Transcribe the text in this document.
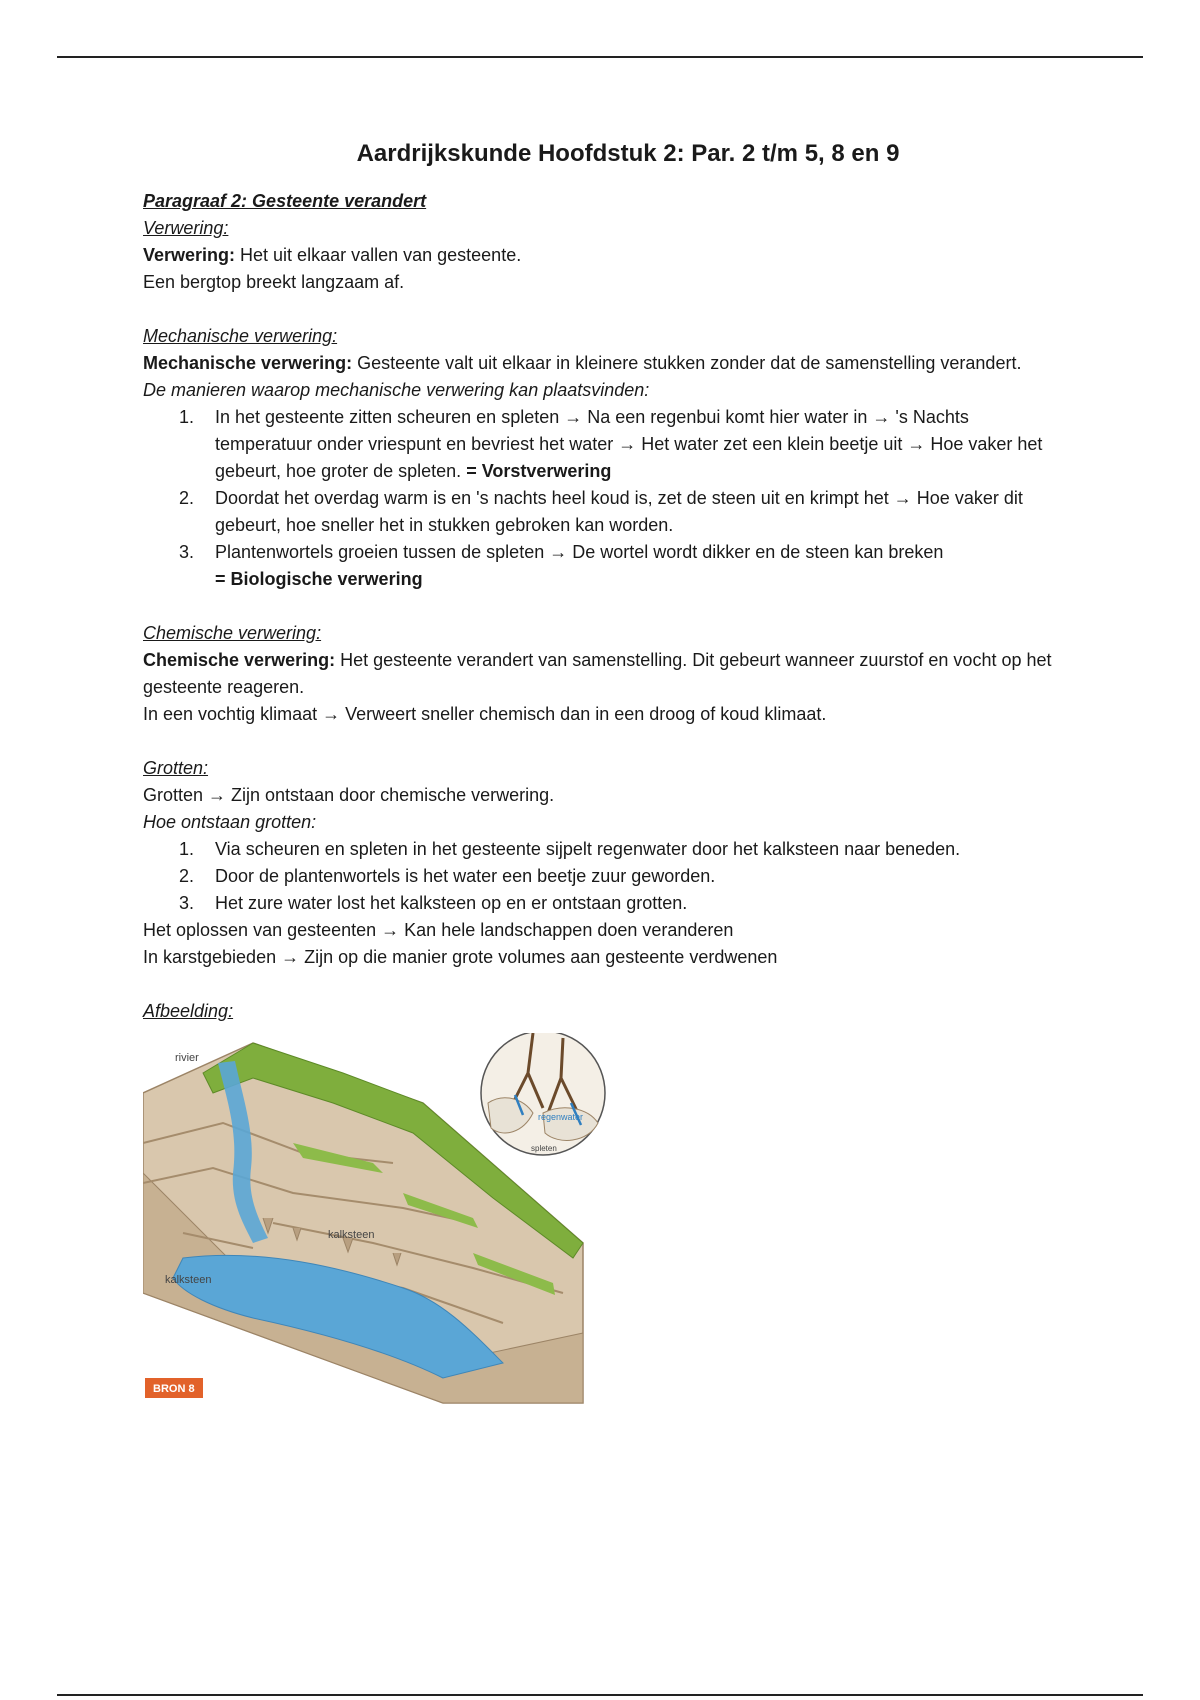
Aardrijkskunde Hoofdstuk 2: Par. 2 t/m 5, 8 en 9

Paragraaf 2: Gesteente verandert

Verwering:

Verwering: Het uit elkaar vallen van gesteente.

Een bergtop breekt langzaam af.

Mechanische verwering:

Mechanische verwering: Gesteente valt uit elkaar in kleinere stukken zonder dat de samenstelling verandert.

De manieren waarop mechanische verwering kan plaatsvinden:

1.	In het gesteente zitten scheuren en spleten → Na een regenbui komt hier water in → 's Nachts temperatuur onder vriespunt en bevriest het water → Het water zet een klein beetje uit → Hoe vaker het gebeurt, hoe groter de spleten. = Vorstverwering
2.	Doordat het overdag warm is en 's nachts heel koud is, zet de steen uit en krimpt het → Hoe vaker dit gebeurt, hoe sneller het in stukken gebroken kan worden.
3.	Plantenwortels groeien tussen de spleten → De wortel wordt dikker en de steen kan breken
= Biologische verwering

Chemische verwering:

Chemische verwering: Het gesteente verandert van samenstelling. Dit gebeurt wanneer zuurstof en vocht op het gesteente reageren.

In een vochtig klimaat → Verweert sneller chemisch dan in een droog of koud klimaat.

Grotten:

Grotten → Zijn ontstaan door chemische verwering.

Hoe ontstaan grotten:

1.	Via scheuren en spleten in het gesteente sijpelt regenwater door het kalksteen naar beneden.
2.	Door de plantenwortels is het water een beetje zuur geworden.
3.	Het zure water lost het kalksteen op en er ontstaan grotten.

Het oplossen van gesteenten → Kan hele landschappen doen veranderen

In karstgebieden → Zijn op die manier grote volumes aan gesteente verdwenen

Afbeelding:

rivier
kalksteen
kalksteen
regenwater
spleten
BRON 8
